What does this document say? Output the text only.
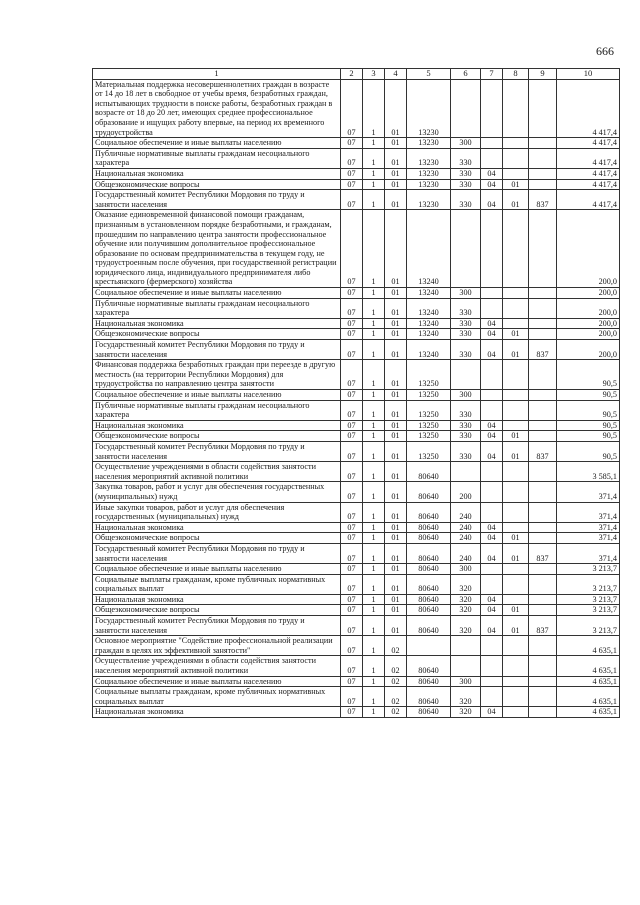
666
1	2	3	4	5	6	7	8	9	10
Материальная поддержка несовершеннолетних граждан в возрасте от 14 до 18 лет в свободное от учебы время, безработных граждан, испытывающих трудности в поиске работы, безработных граждан в возрасте от 18 до 20 лет, имеющих среднее профессиональное образование и ищущих работу впервые, на период их временного трудоустройства	07	1	01	13230					4 417,4
Социальное обеспечение и иные выплаты населению	07	1	01	13230	300				4 417,4
Публичные нормативные выплаты гражданам несоциального характера	07	1	01	13230	330				4 417,4
Национальная экономика	07	1	01	13230	330	04			4 417,4
Общеэкономические вопросы	07	1	01	13230	330	04	01		4 417,4
Государственный комитет Республики Мордовия по труду и занятости населения	07	1	01	13230	330	04	01	837	4 417,4
Оказание единовременной финансовой помощи гражданам, признанным в установленном порядке безработными, и гражданам, прошедшим по направлению центра занятости профессиональное обучение или получившим дополнительное профессиональное образование по основам предпринимательства в текущем году, не трудоустроенным после обучения, при государственной регистрации юридического лица, индивидуального предпринимателя либо крестьянского (фермерского) хозяйства	07	1	01	13240					200,0
Социальное обеспечение и иные выплаты населению	07	1	01	13240	300				200,0
Публичные нормативные выплаты гражданам несоциального характера	07	1	01	13240	330				200,0
Национальная экономика	07	1	01	13240	330	04			200,0
Общеэкономические вопросы	07	1	01	13240	330	04	01		200,0
Государственный комитет Республики Мордовия по труду и занятости населения	07	1	01	13240	330	04	01	837	200,0
Финансовая поддержка безработных граждан при переезде в другую местность (на территории Республики Мордовия) для трудоустройства по направлению центра занятости	07	1	01	13250					90,5
Социальное обеспечение и иные выплаты населению	07	1	01	13250	300				90,5
Публичные нормативные выплаты гражданам несоциального характера	07	1	01	13250	330				90,5
Национальная экономика	07	1	01	13250	330	04			90,5
Общеэкономические вопросы	07	1	01	13250	330	04	01		90,5
Государственный комитет Республики Мордовия по труду и занятости населения	07	1	01	13250	330	04	01	837	90,5
Осуществление учреждениями в области содействия занятости населения мероприятий активной политики	07	1	01	80640					3 585,1
Закупка товаров, работ и услуг для обеспечения государственных (муниципальных) нужд	07	1	01	80640	200				371,4
Иные закупки товаров, работ и услуг для обеспечения государственных (муниципальных) нужд	07	1	01	80640	240				371,4
Национальная экономика	07	1	01	80640	240	04			371,4
Общеэкономические вопросы	07	1	01	80640	240	04	01		371,4
Государственный комитет Республики Мордовия по труду и занятости населения	07	1	01	80640	240	04	01	837	371,4
Социальное обеспечение и иные выплаты населению	07	1	01	80640	300				3 213,7
Социальные выплаты гражданам, кроме публичных нормативных социальных выплат	07	1	01	80640	320				3 213,7
Национальная экономика	07	1	01	80640	320	04			3 213,7
Общеэкономические вопросы	07	1	01	80640	320	04	01		3 213,7
Государственный комитет Республики Мордовия по труду и занятости населения	07	1	01	80640	320	04	01	837	3 213,7
Основное мероприятие "Содействие профессиональной реализации граждан в целях их эффективной занятости"	07	1	02						4 635,1
Осуществление учреждениями в области содействия занятости населения мероприятий активной политики	07	1	02	80640					4 635,1
Социальное обеспечение и иные выплаты населению	07	1	02	80640	300				4 635,1
Социальные выплаты гражданам, кроме публичных нормативных социальных выплат	07	1	02	80640	320				4 635,1
Национальная экономика	07	1	02	80640	320	04			4 635,1
